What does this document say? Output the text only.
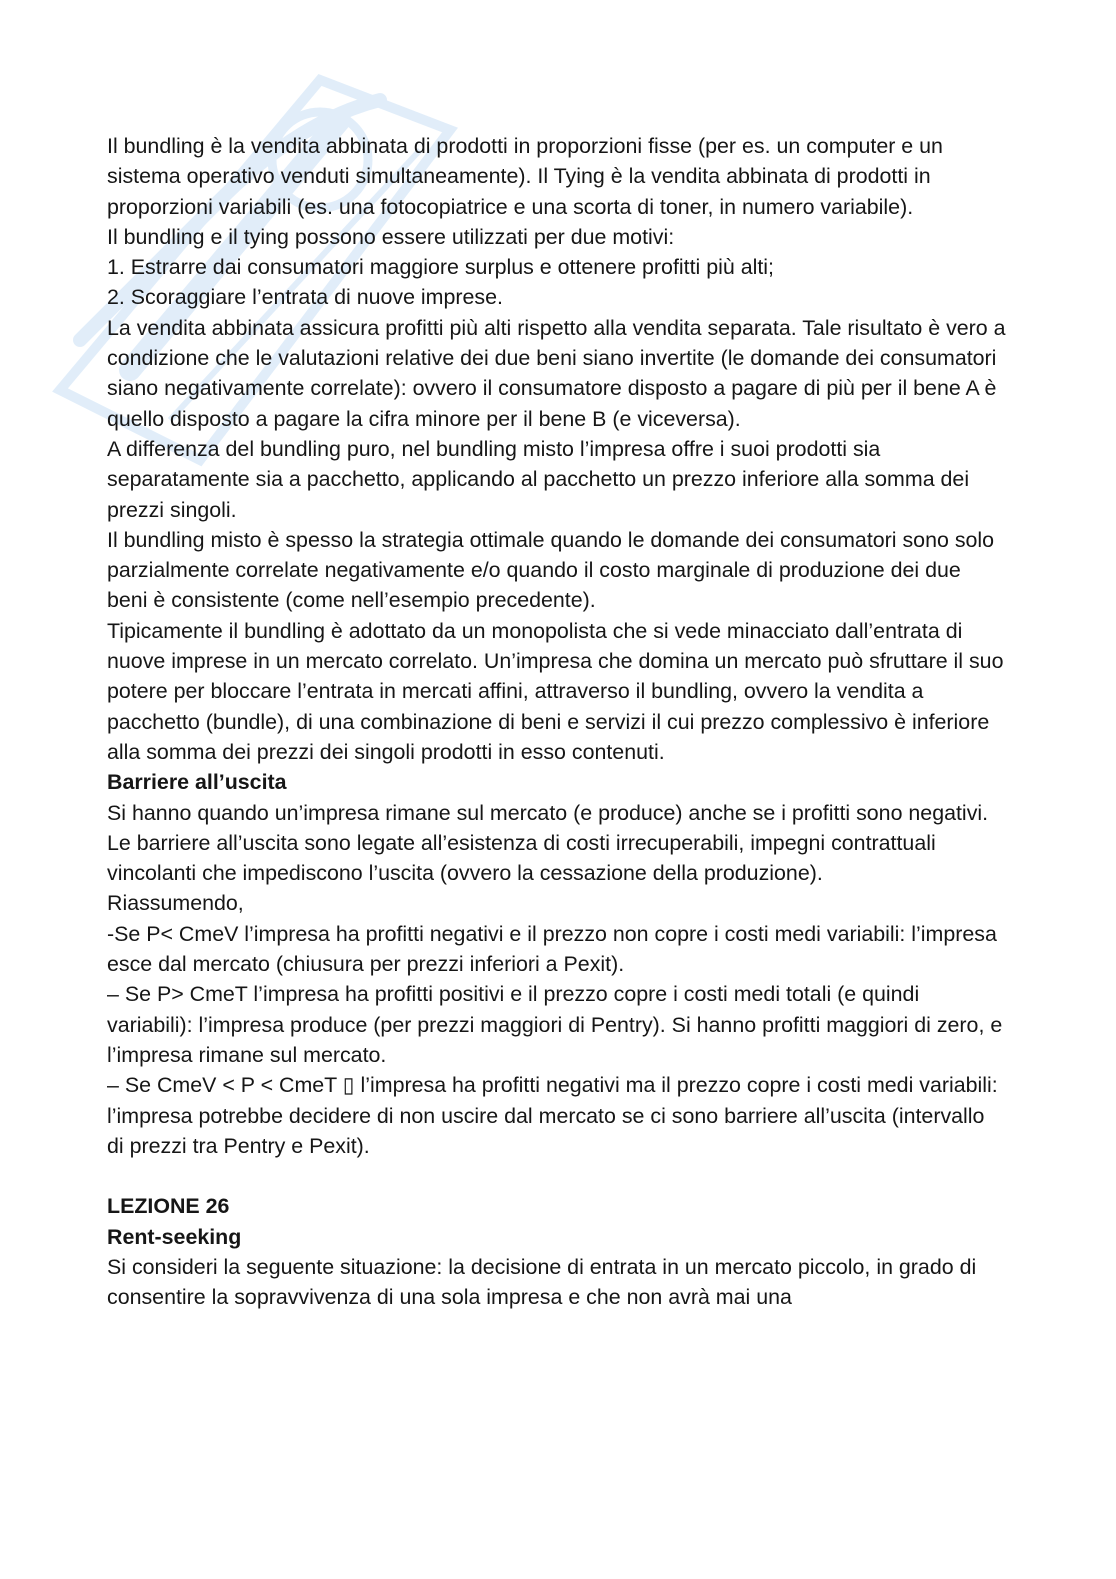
Il bundling è la vendita abbinata di prodotti in proporzioni fisse (per es. un computer e un sistema operativo venduti simultaneamente). Il Tying è la vendita abbinata di prodotti in proporzioni variabili (es. una fotocopiatrice e una scorta di toner, in numero variabile).

Il bundling e il tying possono essere utilizzati per due motivi:

1. Estrarre dai consumatori maggiore surplus e ottenere profitti più alti;

2. Scoraggiare l’entrata di nuove imprese.

La vendita abbinata assicura profitti più alti rispetto alla vendita separata. Tale risultato è vero a condizione che le valutazioni relative dei due beni siano invertite (le domande dei consumatori siano negativamente correlate): ovvero il consumatore disposto a pagare di più per il bene A è quello disposto a pagare la cifra minore per il bene B (e viceversa).

A differenza del bundling puro, nel bundling misto l’impresa offre i suoi prodotti sia separatamente sia a pacchetto, applicando al pacchetto un prezzo inferiore alla somma dei prezzi singoli.

Il bundling misto è spesso la strategia ottimale quando le domande dei consumatori sono solo parzialmente correlate negativamente e/o quando il costo marginale di produzione dei due beni è consistente (come nell’esempio precedente).

Tipicamente il bundling è adottato da un monopolista che si vede minacciato dall’entrata di nuove imprese in un mercato correlato. Un’impresa che domina un mercato può sfruttare il suo potere per bloccare l’entrata in mercati affini, attraverso il bundling, ovvero la vendita a pacchetto (bundle), di una combinazione di beni e servizi il cui prezzo complessivo è inferiore alla somma dei prezzi dei singoli prodotti in esso contenuti.

Barriere all’uscita

Si hanno quando un’impresa rimane sul mercato (e produce) anche se i profitti sono negativi.

Le barriere all’uscita sono legate all’esistenza di costi irrecuperabili, impegni contrattuali vincolanti che impediscono l’uscita (ovvero la cessazione della produzione).

Riassumendo,

-Se P< CmeV l’impresa ha profitti negativi e il prezzo non copre i costi medi variabili: l’impresa esce dal mercato (chiusura per prezzi inferiori a Pexit).

– Se P> CmeT l’impresa ha profitti positivi e il prezzo copre i costi medi totali (e quindi variabili): l’impresa produce (per prezzi maggiori di Pentry). Si hanno profitti maggiori di zero, e l’impresa rimane sul mercato.

– Se CmeV < P < CmeT ▯ l’impresa ha profitti negativi ma il prezzo copre i costi medi variabili: l’impresa potrebbe decidere di non uscire dal mercato se ci sono barriere all’uscita (intervallo di prezzi tra Pentry e Pexit).

LEZIONE 26

Rent-seeking

Si consideri la seguente situazione: la decisione di entrata in un mercato piccolo, in grado di consentire la sopravvivenza di una sola impresa e che non avrà mai una
